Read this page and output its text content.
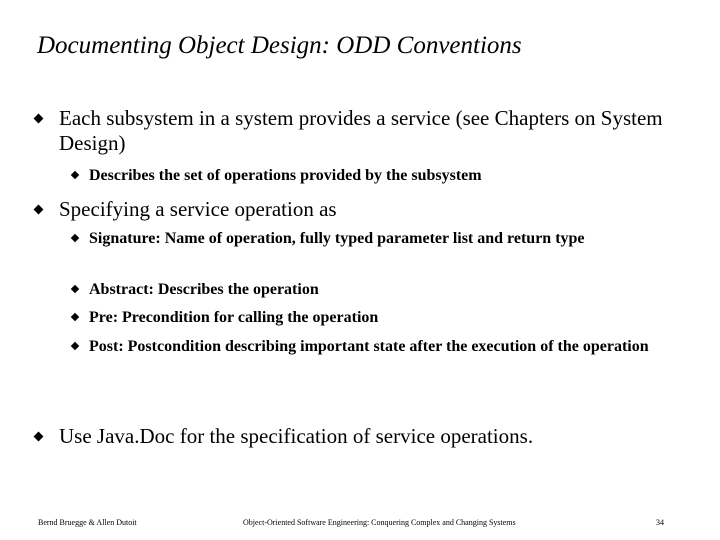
Documenting Object Design: ODD Conventions
Each subsystem in a system provides a service (see Chapters on System Design)
Describes the set of operations provided by the subsystem
Specifying a service operation as
Signature: Name of operation, fully typed parameter list and return type
Abstract: Describes the operation
Pre: Precondition for calling the operation
Post: Postcondition describing important state after the execution of the operation
Use Java.Doc for the specification of service operations.
Bernd Bruegge & Allen Dutoit	Object-Oriented Software Engineering: Conquering Complex and Changing Systems	34
